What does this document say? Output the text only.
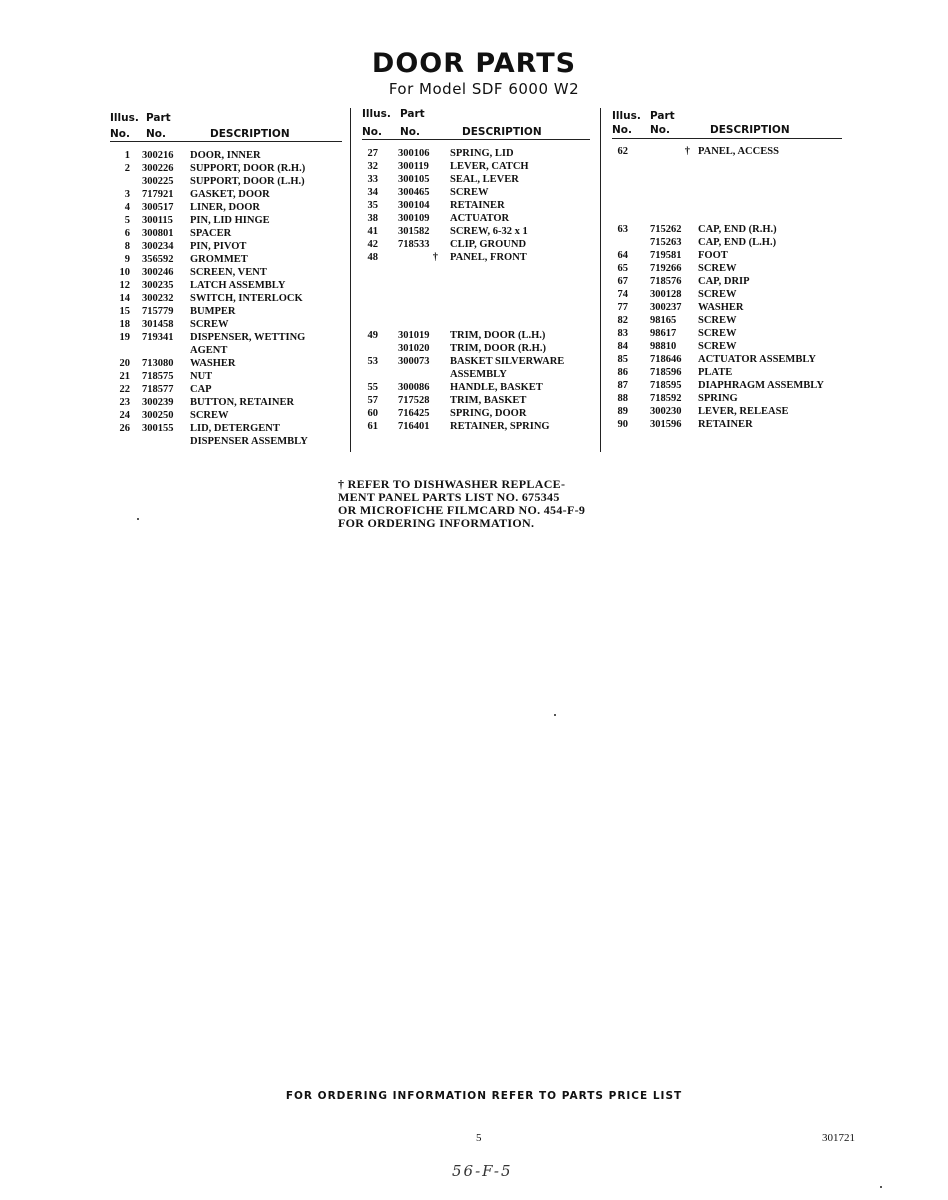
DOOR PARTS
For Model SDF 6000 W2
Illus. Part
No. No.	DESCRIPTION
1 300216	DOOR, INNER
2 300226	SUPPORT, DOOR (R.H.)
300225	SUPPORT, DOOR (L.H.)
3 717921	GASKET, DOOR
4 300517	LINER, DOOR
5 300115	PIN, LID HINGE
6 300801	SPACER
8 300234	PIN, PIVOT
9 356592	GROMMET
10 300246	SCREEN, VENT
12 300235	LATCH ASSEMBLY
14 300232	SWITCH, INTERLOCK
15 715779	BUMPER
18 301458	SCREW
19 719341	DISPENSER, WETTING
AGENT
20 713080	WASHER
21 718575	NUT
22 718577	CAP
23 300239	BUTTON, RETAINER
24 300250	SCREW
26 300155	LID, DETERGENT
DISPENSER ASSEMBLY
Illus. Part
No. No.	DESCRIPTION
27 300106	SPRING, LID
32 300119	LEVER, CATCH
33 300105	SEAL, LEVER
34 300465	SCREW
35 300104	RETAINER
38 300109	ACTUATOR
41 301582	SCREW, 6-32 x 1
42 718533	CLIP, GROUND
48	† PANEL, FRONT
49 301019	TRIM, DOOR (L.H.)
301020	TRIM, DOOR (R.H.)
53 300073	BASKET SILVERWARE
ASSEMBLY
55 300086	HANDLE, BASKET
57 717528	TRIM, BASKET
60 716425	SPRING, DOOR
61 716401	RETAINER, SPRING
Illus. Part
No. No.	DESCRIPTION
62	† PANEL, ACCESS
63 715262	CAP, END (R.H.)
715263	CAP, END (L.H.)
64 719581	FOOT
65 719266	SCREW
67 718576	CAP, DRIP
74 300128	SCREW
77 300237	WASHER
82 98165	SCREW
83 98617	SCREW
84 98810	SCREW
85 718646	ACTUATOR ASSEMBLY
86 718596	PLATE
87 718595	DIAPHRAGM ASSEMBLY
88 718592	SPRING
89 300230	LEVER, RELEASE
90 301596	RETAINER
† REFER TO DISHWASHER REPLACE-
MENT PANEL PARTS LIST NO. 675345
OR MICROFICHE FILMCARD NO. 454-F-9
FOR ORDERING INFORMATION.
FOR ORDERING INFORMATION REFER TO PARTS PRICE LIST
5	301721
56-F-5
